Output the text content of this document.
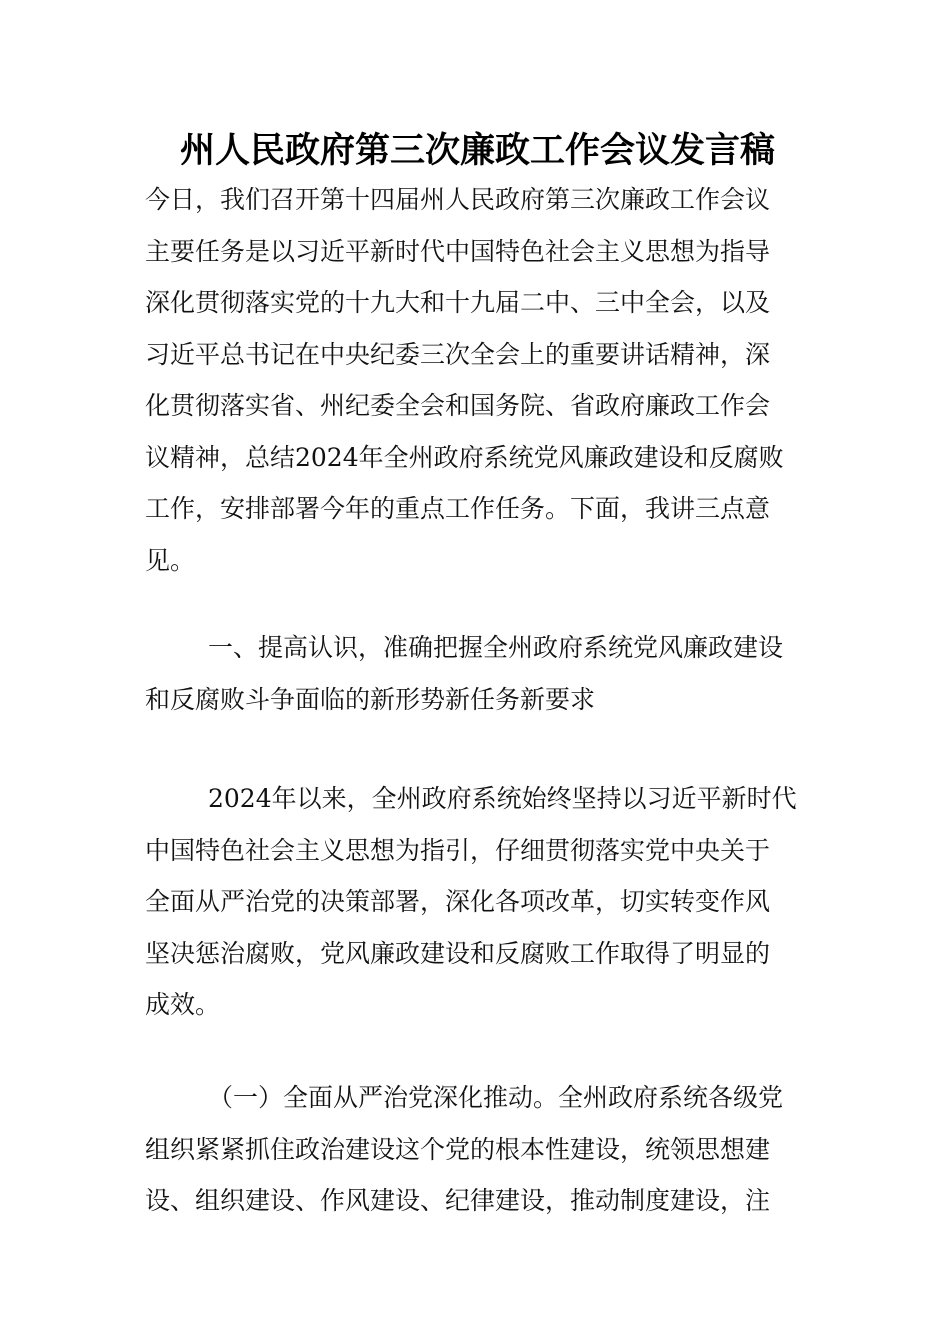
州人民政府第三次廉政工作会议发言稿
今日，我们召开第十四届州人民政府第三次廉政工作会议
主要任务是以习近平新时代中国特色社会主义思想为指导
深化贯彻落实党的十九大和十九届二中、三中全会，以及
习近平总书记在中央纪委三次全会上的重要讲话精神，深
化贯彻落实省、州纪委全会和国务院、省政府廉政工作会
议精神，总结2024年全州政府系统党风廉政建设和反腐败
工作，安排部署今年的重点工作任务。下面，我讲三点意
见。
一、提高认识，准确把握全州政府系统党风廉政建设
和反腐败斗争面临的新形势新任务新要求
2024年以来，全州政府系统始终坚持以习近平新时代
中国特色社会主义思想为指引，仔细贯彻落实党中央关于
全面从严治党的决策部署，深化各项改革，切实转变作风
坚决惩治腐败，党风廉政建设和反腐败工作取得了明显的
成效。
（一）全面从严治党深化推动。全州政府系统各级党
组织紧紧抓住政治建设这个党的根本性建设，统领思想建
设、组织建设、作风建设、纪律建设，推动制度建设，注
